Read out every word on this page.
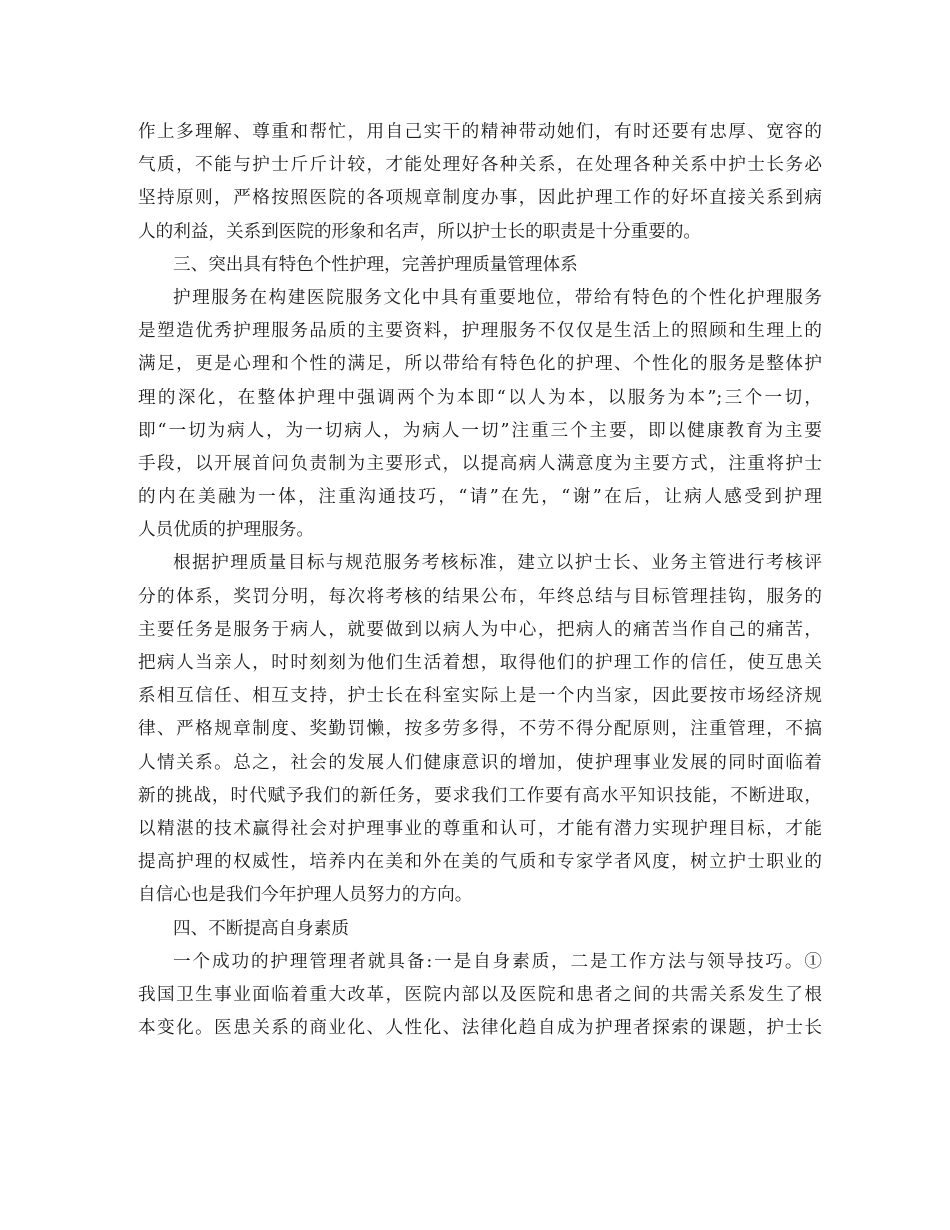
作上多理解、尊重和帮忙，用自己实干的精神带动她们，有时还要有忠厚、宽容的
气质，不能与护士斤斤计较，才能处理好各种关系，在处理各种关系中护士长务必
坚持原则，严格按照医院的各项规章制度办事，因此护理工作的好坏直接关系到病
人的利益，关系到医院的形象和名声，所以护士长的职责是十分重要的。
三、突出具有特色个性护理，完善护理质量管理体系
护理服务在构建医院服务文化中具有重要地位，带给有特色的个性化护理服务
是塑造优秀护理服务品质的主要资料，护理服务不仅仅是生活上的照顾和生理上的
满足，更是心理和个性的满足，所以带给有特色化的护理、个性化的服务是整体护
理的深化，在整体护理中强调两个为本即“以人为本，以服务为本”;三个一切，
即“一切为病人，为一切病人，为病人一切”注重三个主要，即以健康教育为主要
手段，以开展首问负责制为主要形式，以提高病人满意度为主要方式，注重将护士
的内在美融为一体，注重沟通技巧，“请”在先，“谢”在后，让病人感受到护理
人员优质的护理服务。
根据护理质量目标与规范服务考核标准，建立以护士长、业务主管进行考核评
分的体系，奖罚分明，每次将考核的结果公布，年终总结与目标管理挂钩，服务的
主要任务是服务于病人，就要做到以病人为中心，把病人的痛苦当作自己的痛苦，
把病人当亲人，时时刻刻为他们生活着想，取得他们的护理工作的信任，使互患关
系相互信任、相互支持，护士长在科室实际上是一个内当家，因此要按市场经济规
律、严格规章制度、奖勤罚懒，按多劳多得，不劳不得分配原则，注重管理，不搞
人情关系。总之，社会的发展人们健康意识的增加，使护理事业发展的同时面临着
新的挑战，时代赋予我们的新任务，要求我们工作要有高水平知识技能，不断进取，
以精湛的技术赢得社会对护理事业的尊重和认可，才能有潜力实现护理目标，才能
提高护理的权威性，培养内在美和外在美的气质和专家学者风度，树立护士职业的
自信心也是我们今年护理人员努力的方向。
四、不断提高自身素质
一个成功的护理管理者就具备:一是自身素质，二是工作方法与领导技巧。①
我国卫生事业面临着重大改革，医院内部以及医院和患者之间的共需关系发生了根
本变化。医患关系的商业化、人性化、法律化趋自成为护理者探索的课题，护士长
